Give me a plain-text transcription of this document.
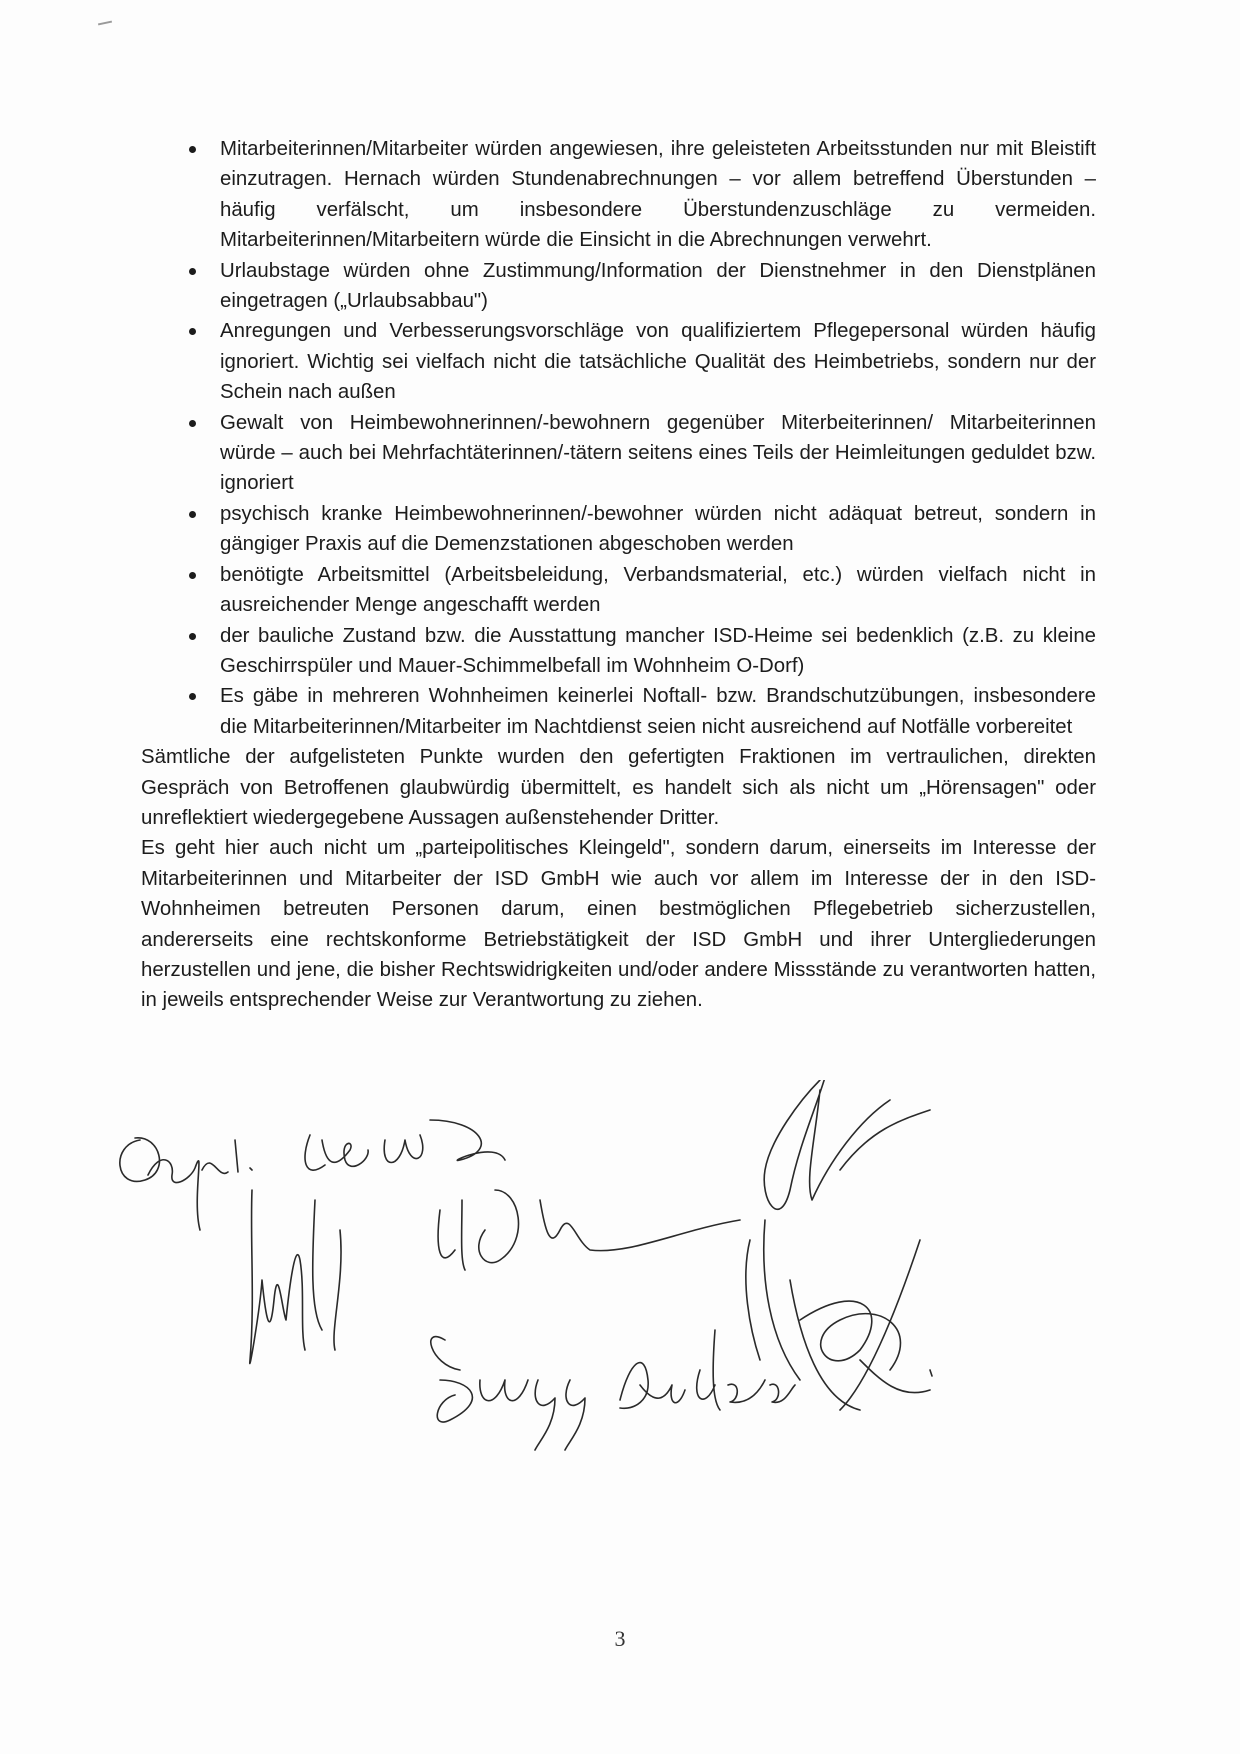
Mitarbeiterinnen/Mitarbeiter würden angewiesen, ihre geleisteten Arbeitsstunden nur mit Bleistift einzutragen. Hernach würden Stundenabrechnungen – vor allem betreffend Überstunden – häufig verfälscht, um insbesondere Überstundenzuschläge zu vermeiden. Mitarbeiterinnen/Mitarbeitern würde die Einsicht in die Abrechnungen verwehrt.
Urlaubstage würden ohne Zustimmung/Information der Dienstnehmer in den Dienstplänen eingetragen („Urlaubsabbau")
Anregungen und Verbesserungsvorschläge von qualifiziertem Pflegepersonal würden häufig ignoriert. Wichtig sei vielfach nicht die tatsächliche Qualität des Heimbetriebs, sondern nur der Schein nach außen
Gewalt von Heimbewohnerinnen/-bewohnern gegenüber Miterbeiterinnen/ Mitarbeiterinnen würde – auch bei Mehrfachtäterinnen/-tätern seitens eines Teils der Heimleitungen geduldet bzw. ignoriert
psychisch kranke Heimbewohnerinnen/-bewohner würden nicht adäquat betreut, sondern in gängiger Praxis auf die Demenzstationen abgeschoben werden
benötigte Arbeitsmittel (Arbeitsbeleidung, Verbandsmaterial, etc.) würden vielfach nicht in ausreichender Menge angeschafft werden
der bauliche Zustand bzw. die Ausstattung mancher ISD-Heime sei bedenklich (z.B. zu kleine Geschirrspüler und Mauer-Schimmelbefall im Wohnheim O-Dorf)
Es gäbe in mehreren Wohnheimen keinerlei Noftall- bzw. Brandschutzübungen, insbesondere die Mitarbeiterinnen/Mitarbeiter im Nachtdienst seien nicht ausreichend auf Notfälle vorbereitet

Sämtliche der aufgelisteten Punkte wurden den gefertigten Fraktionen im vertraulichen, direkten Gespräch von Betroffenen glaubwürdig übermittelt, es handelt sich als nicht um „Hörensagen" oder unreflektiert wiedergegebene Aussagen außenstehender Dritter.

Es geht hier auch nicht um „parteipolitisches Kleingeld", sondern darum, einerseits im Interesse der Mitarbeiterinnen und Mitarbeiter der ISD GmbH wie auch vor allem im Interesse der in den ISD-Wohnheimen betreuten Personen darum, einen bestmöglichen Pflegebetrieb sicherzustellen, andererseits eine rechtskonforme Betriebstätigkeit der ISD GmbH und ihrer Untergliederungen herzustellen und jene, die bisher Rechtswidrigkeiten und/oder andere Missstände zu verantworten hatten, in jeweils entsprechender Weise zur Verantwortung zu ziehen.

3
